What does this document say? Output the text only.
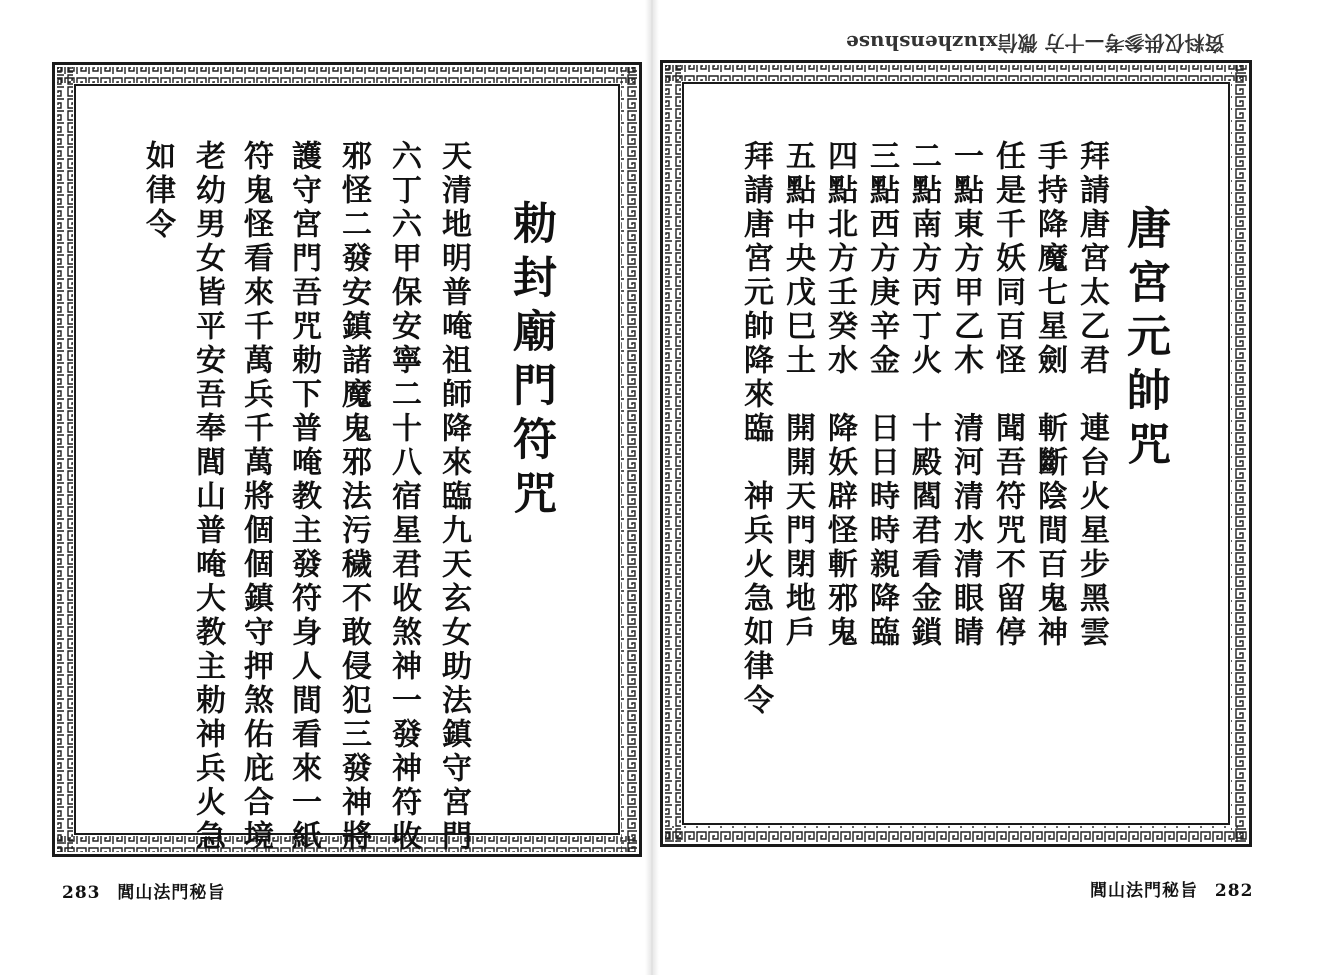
资料仅供参考—十方 微信xiuzhenshuse
勅封廟門符咒
天清地明普唵祖師降來臨九天玄女助法鎮守宮門
六丁六甲保安寧二十八宿星君收煞神一發神符收
邪怪二發安鎮諸魔鬼邪法污穢不敢侵犯三發神將
護守宮門吾咒勅下普唵教主發符身人間看來一紙
符鬼怪看來千萬兵千萬將個個鎮守押煞佑庇合境
老幼男女皆平安吾奉閭山普唵大教主勅神兵火急
如律令
唐宮元帥咒
拜請唐宮太乙君　連台火星步黑雲
手持降魔七星劍　斬斷陰間百鬼神
任是千妖同百怪　聞吾符咒不留停
一點東方甲乙木　清河清水清眼睛
二點南方丙丁火　十殿閻君看金鎖
三點西方庚辛金　日日時時親降臨
四點北方壬癸水　降妖辟怪斬邪鬼
五點中央戊巳土　開開天門閉地戶
拜請唐宮元帥降來臨　神兵火急如律令
283 閭山法門秘旨	閭山法門秘旨 282
